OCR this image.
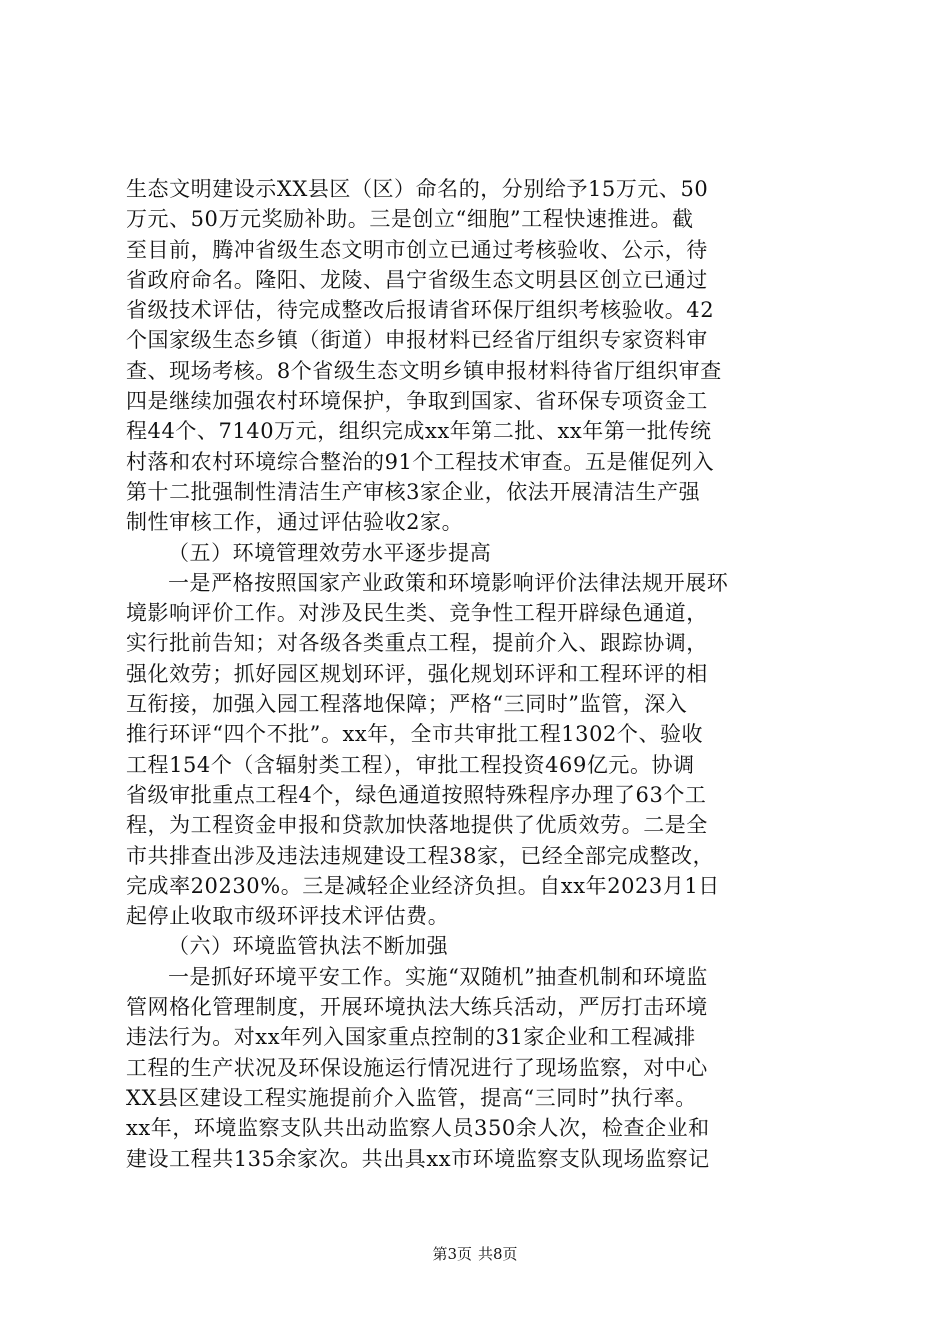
生态文明建设示XX县区（区）命名的，分别给予15万元、50
万元、50万元奖励补助。三是创立“细胞”工程快速推进。截
至目前，腾冲省级生态文明市创立已通过考核验收、公示，待
省政府命名。隆阳、龙陵、昌宁省级生态文明县区创立已通过
省级技术评估，待完成整改后报请省环保厅组织考核验收。42
个国家级生态乡镇（街道）申报材料已经省厅组织专家资料审
查、现场考核。8个省级生态文明乡镇申报材料待省厅组织审查
四是继续加强农村环境保护，争取到国家、省环保专项资金工
程44个、7140万元，组织完成xx年第二批、xx年第一批传统
村落和农村环境综合整治的91个工程技术审查。五是催促列入
第十二批强制性清洁生产审核3家企业，依法开展清洁生产强
制性审核工作，通过评估验收2家。
（五）环境管理效劳水平逐步提高
一是严格按照国家产业政策和环境影响评价法律法规开展环
境影响评价工作。对涉及民生类、竞争性工程开辟绿色通道，
实行批前告知；对各级各类重点工程，提前介入、跟踪协调，
强化效劳；抓好园区规划环评，强化规划环评和工程环评的相
互衔接，加强入园工程落地保障；严格“三同时”监管，深入
推行环评“四个不批”。xx年，全市共审批工程1302个、验收
工程154个（含辐射类工程），审批工程投资469亿元。协调
省级审批重点工程4个，绿色通道按照特殊程序办理了63个工
程，为工程资金申报和贷款加快落地提供了优质效劳。二是全
市共排查出涉及违法违规建设工程38家，已经全部完成整改，
完成率20230%。三是减轻企业经济负担。自xx年2023月1日
起停止收取市级环评技术评估费。
（六）环境监管执法不断加强
一是抓好环境平安工作。实施“双随机”抽查机制和环境监
管网格化管理制度，开展环境执法大练兵活动，严厉打击环境
违法行为。对xx年列入国家重点控制的31家企业和工程减排
工程的生产状况及环保设施运行情况进行了现场监察，对中心
XX县区建设工程实施提前介入监管，提高“三同时”执行率。
xx年，环境监察支队共出动监察人员350余人次，检查企业和
建设工程共135余家次。共出具xx市环境监察支队现场监察记
第3页 共8页
